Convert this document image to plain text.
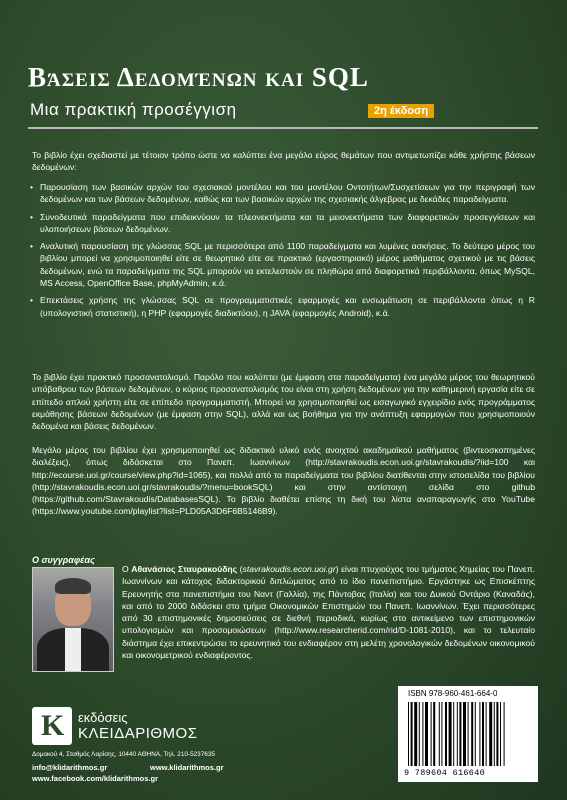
Βάσεις Δεδομένων και SQL
Μια πρακτική προσέγγιση	2η έκδοση
Το βιβλίο έχει σχεδιαστεί με τέτοιον τρόπο ώστε να καλύπτει ένα μεγάλο εύρος θεμάτων που αντιμετωπίζει κάθε χρήστης βάσεων δεδομένων:
• Παρουσίαση των βασικών αρχών του σχεσιακού μοντέλου και του μοντέλου Οντοτήτων/Συσχετίσεων για την περιγραφή των δεδομένων και των βάσεων δεδομένων, καθώς και των βασικών αρχών της σχεσιακής άλγεβρας με δεκάδες παραδείγματα.
• Συνοδευτικά παραδείγματα που επιδεικνύουν τα πλεονεκτήματα και τα μειονεκτήματα των διαφορετικών προσεγγίσεων και υλοποιήσεων βάσεων δεδομένων.
• Αναλυτική παρουσίαση της γλώσσας SQL με περισσότερα από 1100 παραδείγματα και λυμένες ασκήσεις. Το δεύτερο μέρος του βιβλίου μπορεί να χρησιμοποιηθεί είτε σε θεωρητικό είτε σε πρακτικό (εργαστηριακό) μέρος μαθήματος σχετικού με τις βάσεις δεδομένων, ενώ τα παραδείγματα της SQL μπορούν να εκτελεστούν σε πληθώρα από διαφορετικά περιβάλλοντα, όπως MySQL, MS Access, OpenOffice Base, phpMyAdmin, κ.ά.
• Επεκτάσεις χρήσης της γλώσσας SQL σε προγραμματιστικές εφαρμογές και ενσωμάτωση σε περιβάλλοντα όπως η R (υπολογιστική στατιστική), η PHP (εφαρμογές διαδικτύου), η JAVA (εφαρμογές Android), κ.ά.
Το βιβλίο έχει πρακτικό προσανατολισμό. Παρόλο που καλύπτει (με έμφαση στα παραδείγματα) ένα μεγάλο μέρος του θεωρητικού υπόβαθρου των βάσεων δεδομένων, ο κύριος προσανατολισμός του είναι στη χρήση δεδομένων για την καθημερινή εργασία είτε σε επίπεδο απλού χρήστη είτε σε επίπεδο προγραμματιστή. Μπορεί να χρησιμοποιηθεί ως εισαγωγικό εγχειρίδιο ενός προγράμματος εκμάθησης βάσεων δεδομένων (με έμφαση στην SQL), αλλά και ως βοήθημα για την ανάπτυξη εφαρμογών που χρησιμοποιούν δεδομένα και βάσεις δεδομένων.
Μεγάλο μέρος του βιβλίου έχει χρησιμοποιηθεί ως διδακτικό υλικό ενός ανοιχτού ακαδημαϊκού μαθήματος (βιντεοσκοπημένες διαλέξεις), όπως διδάσκεται στο Πανεπ. Ιωαννίνων (http://stavrakoudis.econ.uoi.gr/stavrakoudis/?iid=100 και http://ecourse.uoi.gr/course/view.php?id=1065), και πολλά από τα παραδείγματα του βιβλίου διατίθενται στην ιστοσελίδα του βιβλίου (http://stavrakoudis.econ.uoi.gr/stavrakoudis/?menu=bookSQL) και στην αντίστοιχη σελίδα στο github (https://github.com/Stavrakoudis/DatabasesSQL). Το βιβλίο διαθέτει επίσης τη δική του λίστα αναπαραγωγής στο YouTube (https://www.youtube.com/playlist?list=PLD05A3D6F6B5146B9).
Ο συγγραφέας
Ο Αθανάσιος Σταυρακούδης (stavrakoudis.econ.uoi.gr) είναι πτυχιούχος του τμήματος Χημείας του Πανεπ. Ιωαννίνων και κάτοχος διδακτορικού διπλώματος από το ίδιο πανεπιστήμιο. Εργάστηκε ως Επισκέπτης Ερευνητής στα πανεπιστήμια του Ναντ (Γαλλία), της Πάντοβας (Ιταλία) και του Δυικού Οντάριο (Καναδάς), και από το 2000 διδάσκει στο τμήμα Οικονομικών Επιστημών του Πανεπ. Ιωαννίνων. Έχει περισσότερες από 30 επιστημονικές δημοσιεύσεις σε διεθνή περιοδικά, κυρίως στο αντικείμενο των επιστημονικών υπολογισμών και προσομοιώσεων (http://www.researcherid.com/rid/D-1081-2010), και το τελευταίο διάστημα έχει επικεντρώσει το ερευνητικό του ενδιαφέρον στη μελέτη χρονολογικών δεδομένων οικονομικού και οικονομετρικού ενδιαφέροντος.
K εκδόσεις
ΚΛΕΙΔΑΡΙΘΜΟΣ
Δομοκού 4, Σταθμός Λαρίσης, 10440 ΑΘΗΝΑ, Τηλ. 210-5237635
info@klidarithmos.gr	www.klidarithmos.gr
www.facebook.com/klidarithmos.gr
ISBN 978-960-461-664-0
9 789604 616640
